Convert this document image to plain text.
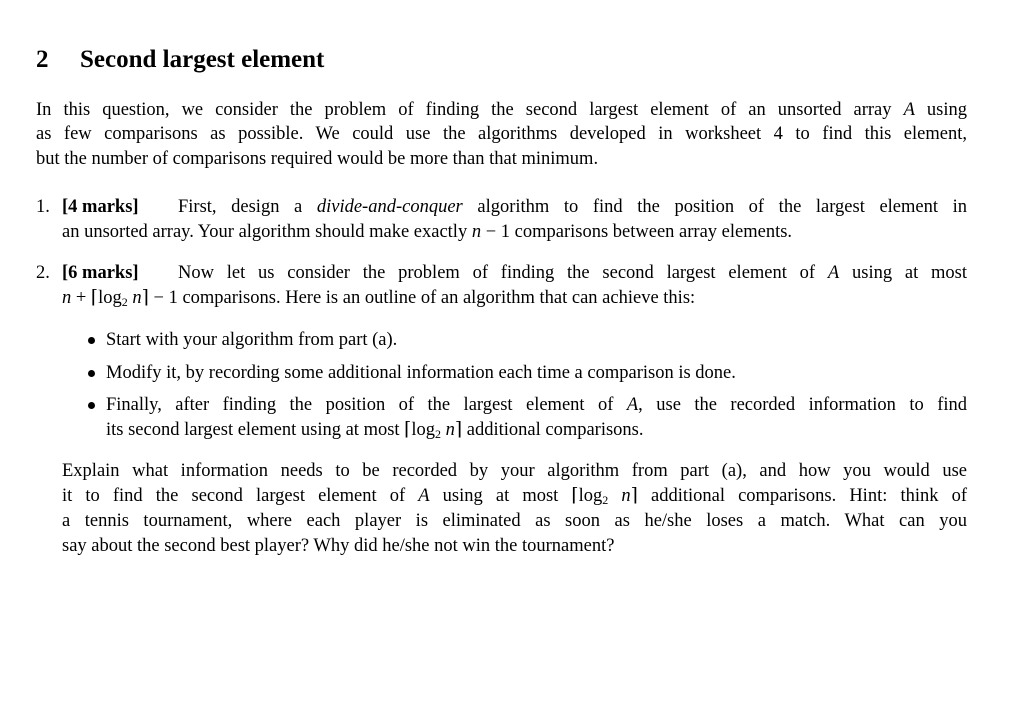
2 Second largest element
In this question, we consider the problem of finding the second largest element of an unsorted array A using
as few comparisons as possible. We could use the algorithms developed in worksheet 4 to find this element,
but the number of comparisons required would be more than that minimum.
1. [4 marks] First, design a divide-and-conquer algorithm to find the position of the largest element in
an unsorted array. Your algorithm should make exactly n − 1 comparisons between array elements.
2. [6 marks] Now let us consider the problem of finding the second largest element of A using at most
$n + ⌈\log_2$ n⌉ − 1 comparisons. Here is an outline of an algorithm that can achieve this:
Start with your algorithm from part (a).
Modify it, by recording some additional information each time a comparison is done.
Finally, after finding the position of the largest element of A, use the recorded information to find
its second largest element using at most $⌈\log_2$ n⌉ additional comparisons.
Explain what information needs to be recorded by your algorithm from part (a), and how you would use
it to find the second largest element of A using at most $⌈\log_2$ n⌉ additional comparisons. Hint: think of
a tennis tournament, where each player is eliminated as soon as he/she loses a match. What can you
say about the second best player? Why did he/she not win the tournament?
